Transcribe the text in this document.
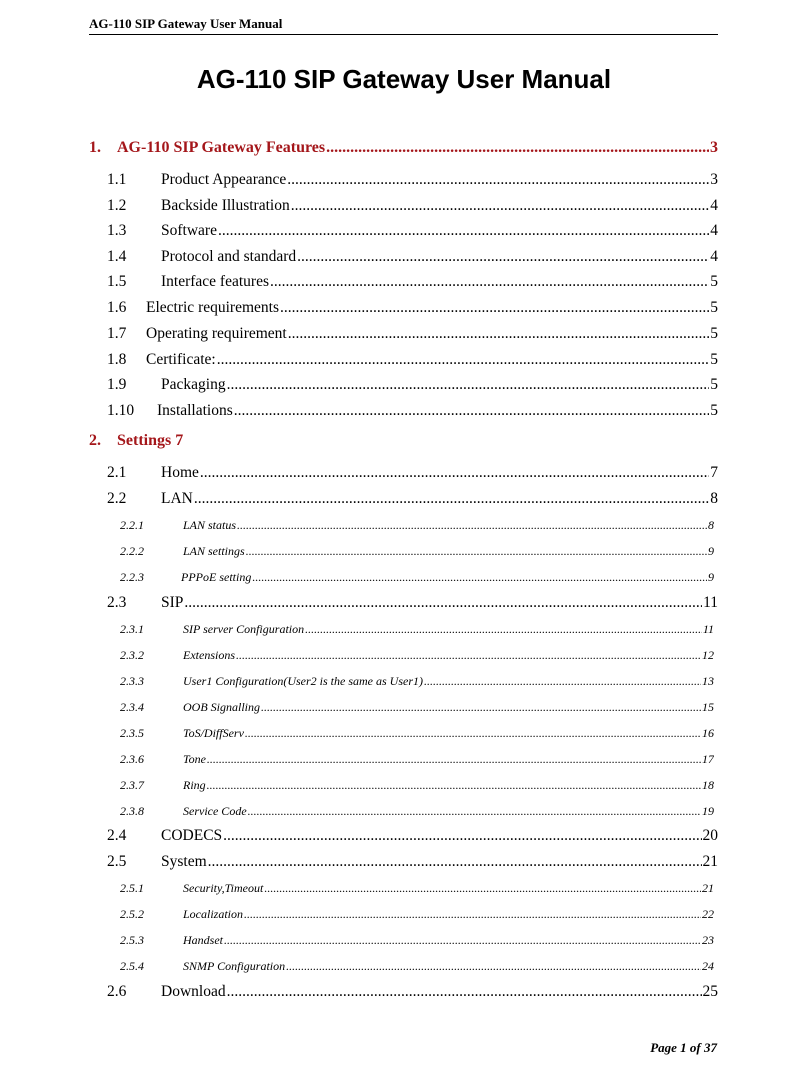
AG-110 SIP Gateway User Manual
AG-110 SIP Gateway User Manual
1.	AG-110 SIP Gateway Features .....	3
1.1	Product Appearance .....	3
1.2	Backside Illustration .....	4
1.3	Software .....	4
1.4	Protocol and standard .....	4
1.5	Interface features .....	5
1.6	Electric requirements .....	5
1.7	Operating requirement .....	5
1.8	Certificate: .....	5
1.9	Packaging .....	5
1.10	Installations .....	5
2. Settings 7
2.1	Home .....	7
2.2	LAN .....	8
2.2.1	LAN status .....	8
2.2.2	LAN settings .....	9
2.2.3	PPPoE setting .....	9
2.3	SIP .....	11
2.3.1	SIP server Configuration .....	11
2.3.2	Extensions .....	12
2.3.3	User1 Configuration(User2 is the same as User1) .....	13
2.3.4	OOB Signalling .....	15
2.3.5	ToS/DiffServ .....	16
2.3.6	Tone .....	17
2.3.7	Ring .....	18
2.3.8	Service Code .....	19
2.4	CODECS .....	20
2.5	System .....	21
2.5.1	Security,Timeout .....	21
2.5.2	Localization .....	22
2.5.3	Handset .....	23
2.5.4	SNMP Configuration .....	24
2.6	Download .....	25
Page 1 of 37
